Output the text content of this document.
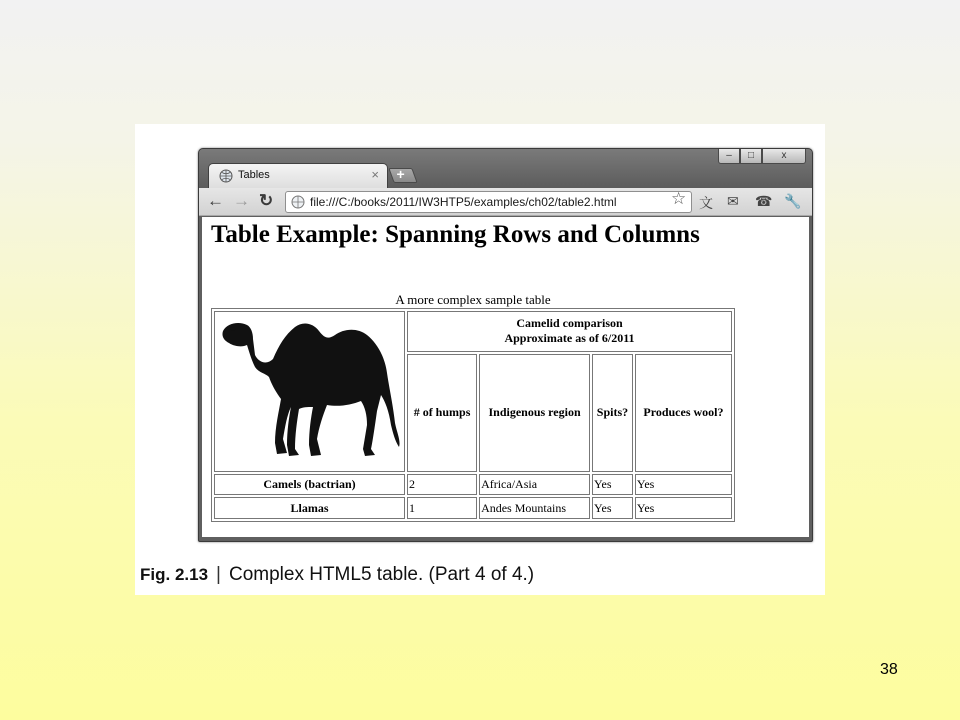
–	□	x
Tables	× +
← → ↻	file:///C:/books/2011/IW3HTP5/examples/ch02/table2.html	☆ 文 ✉ ☎ 🔧
Table Example: Spanning Rows and Columns
A more complex sample table

Camelid comparison
Approximate as of 6/2011			

	# of humps	Indigenous region	Spits?	Produces wool?
Camels (bactrian)	2	Africa/Asia	Yes	Yes
Llamas	1	Andes Mountains	Yes	Yes
Fig. 2.13 | Complex HTML5 table. (Part 4 of 4.)
38
